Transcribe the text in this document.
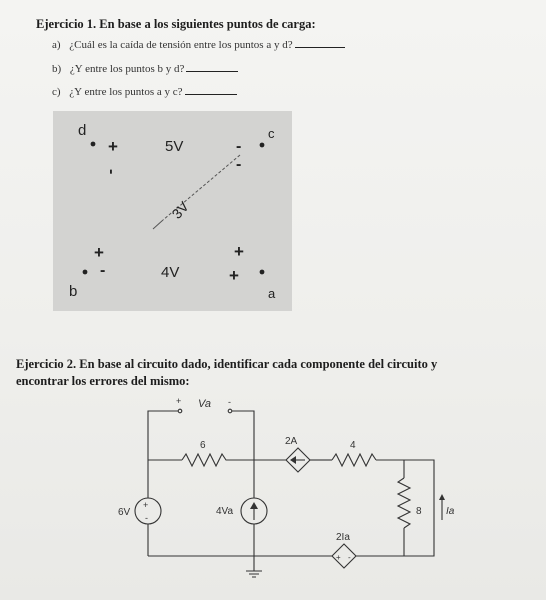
Ejercicio 1. En base a los siguientes puntos de carga:
a) ¿Cuál es la caída de tensión entre los puntos a y d?
b) ¿Y entre los puntos b y d?
c) ¿Y entre los puntos a y c?
d	c
b	a
5V
3V
4V
+
-
-
-
+
-
+
+
Ejercicio 2. En base al circuito dado, identificar cada componente del circuito y
encontrar los errores del mismo:
Va
+	-
6	4
8
6V
+
-
4Va
2A
2Ia
+ -
Ia
